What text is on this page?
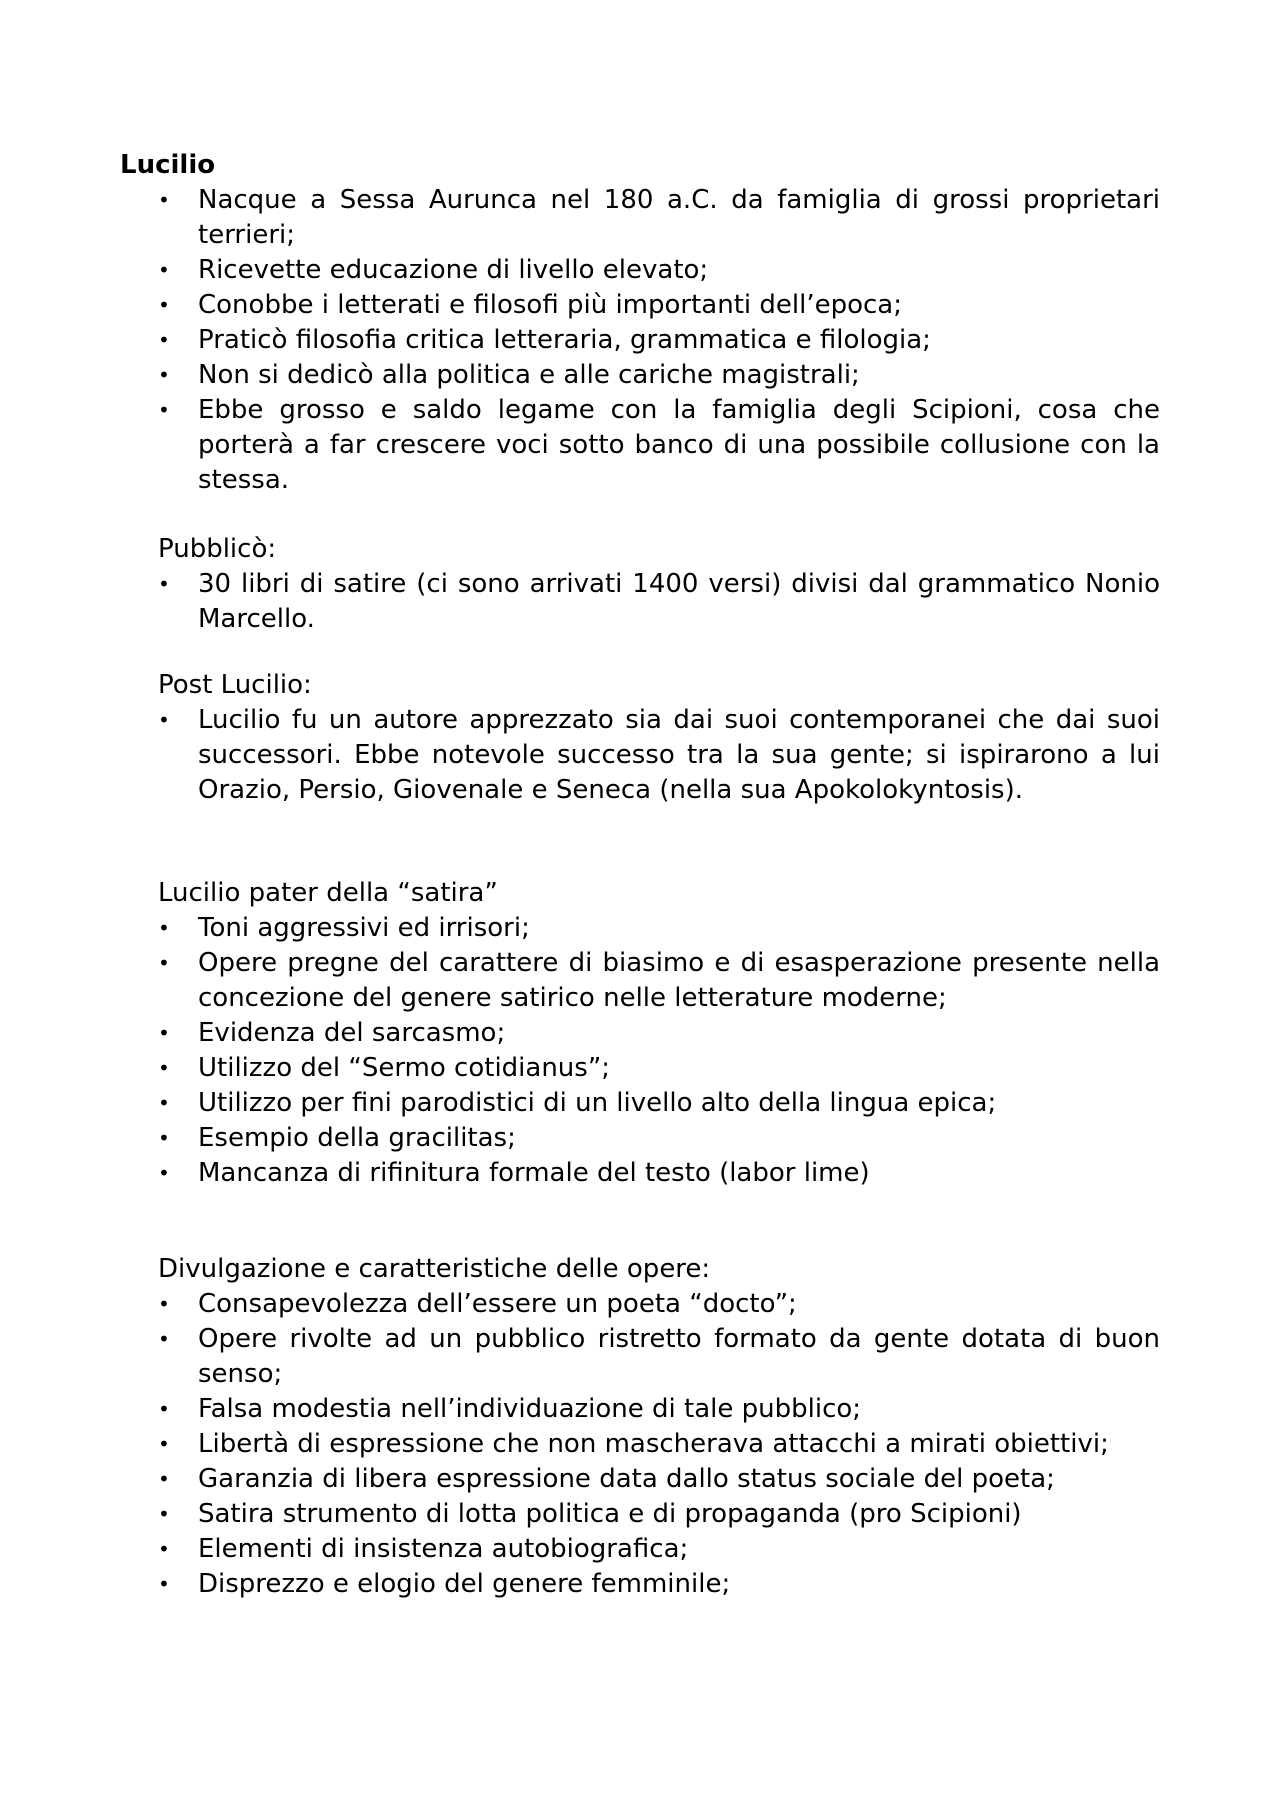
Lucilio
• Nacque a Sessa Aurunca nel 180 a.C. da famiglia di grossi proprietari terrieri;
• Ricevette educazione di livello elevato;
• Conobbe i letterati e filosofi più importanti dell’epoca;
• Praticò filosofia critica letteraria, grammatica e filologia;
• Non si dedicò alla politica e alle cariche magistrali;
• Ebbe grosso e saldo legame con la famiglia degli Scipioni, cosa che porterà a far crescere voci sotto banco di una possibile collusione con la stessa.

Pubblicò:

• 30 libri di satire (ci sono arrivati 1400 versi) divisi dal grammatico Nonio Marcello.

Post Lucilio:

• Lucilio fu un autore apprezzato sia dai suoi contemporanei che dai suoi successori. Ebbe notevole successo tra la sua gente; si ispirarono a lui Orazio, Persio, Giovenale e Seneca (nella sua Apokolokyntosis).

Lucilio pater della “satira”

• Toni aggressivi ed irrisori;
• Opere pregne del carattere di biasimo e di esasperazione presente nella concezione del genere satirico nelle letterature moderne;
• Evidenza del sarcasmo;
• Utilizzo del “Sermo cotidianus”;
• Utilizzo per fini parodistici di un livello alto della lingua epica;
• Esempio della gracilitas;
• Mancanza di rifinitura formale del testo (labor lime)

Divulgazione e caratteristiche delle opere:

• Consapevolezza dell’essere un poeta “docto”;
• Opere rivolte ad un pubblico ristretto formato da gente dotata di buon senso;
• Falsa modestia nell’individuazione di tale pubblico;
• Libertà di espressione che non mascherava attacchi a mirati obiettivi;
• Garanzia di libera espressione data dallo status sociale del poeta;
• Satira strumento di lotta politica e di propaganda (pro Scipioni)
• Elementi di insistenza autobiografica;
• Disprezzo e elogio del genere femminile;
